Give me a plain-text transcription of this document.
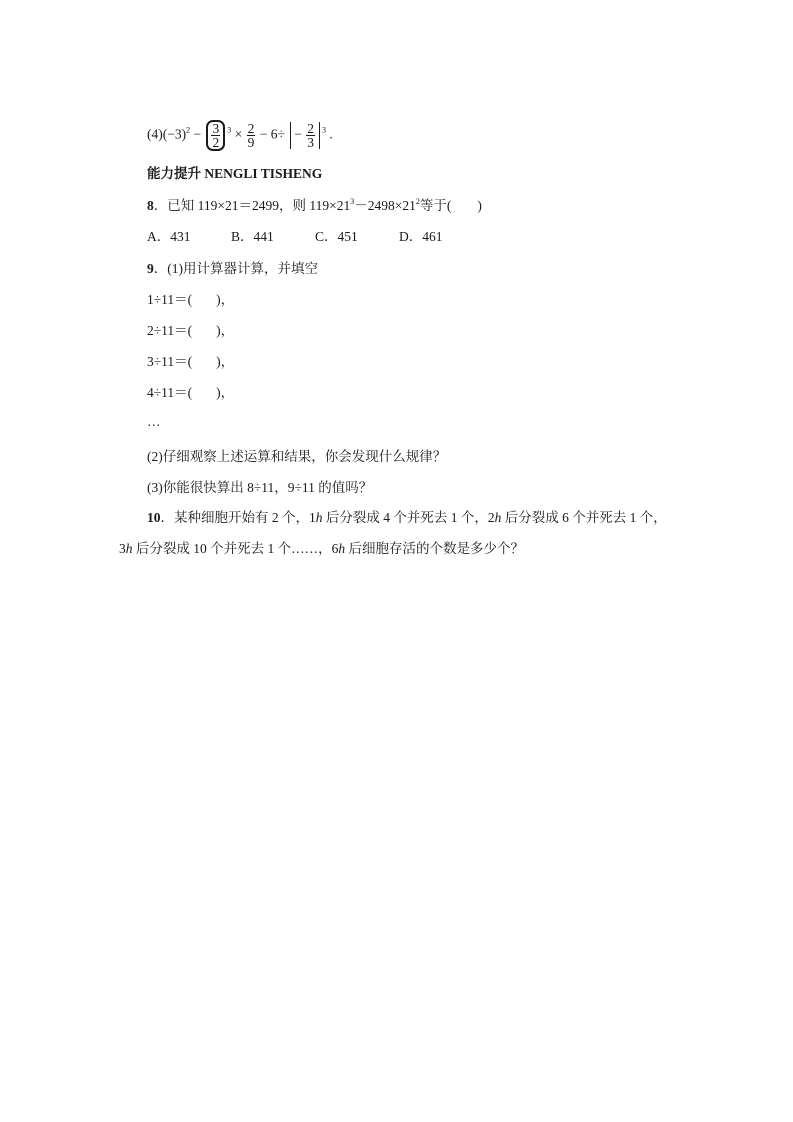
$(4)(-3)^2 - \frac{3}{2} ^3 \times \frac{2}{9} - 6\div - \frac{2}{3} ^3$ .
能力提升 NENGLI TISHENG
8．已知 119×21＝2499，则 $119\times 21^3-2498\times 21^2$等于( )
A．431	B．441	C．451	D．461
9．(1)用计算器计算，并填空
1÷11＝( )，
2÷11＝( )，
3÷11＝( )，
4÷11＝( )，
…
(2)仔细观察上述运算和结果，你会发现什么规律？
(3)你能很快算出 8÷11，9÷11 的值吗？
10．某种细胞开始有 2 个，1h 后分裂成 4 个并死去 1 个，2h 后分裂成 6 个并死去 1 个，
3h 后分裂成 10 个并死去 1 个……，6h 后细胞存活的个数是多少个？
